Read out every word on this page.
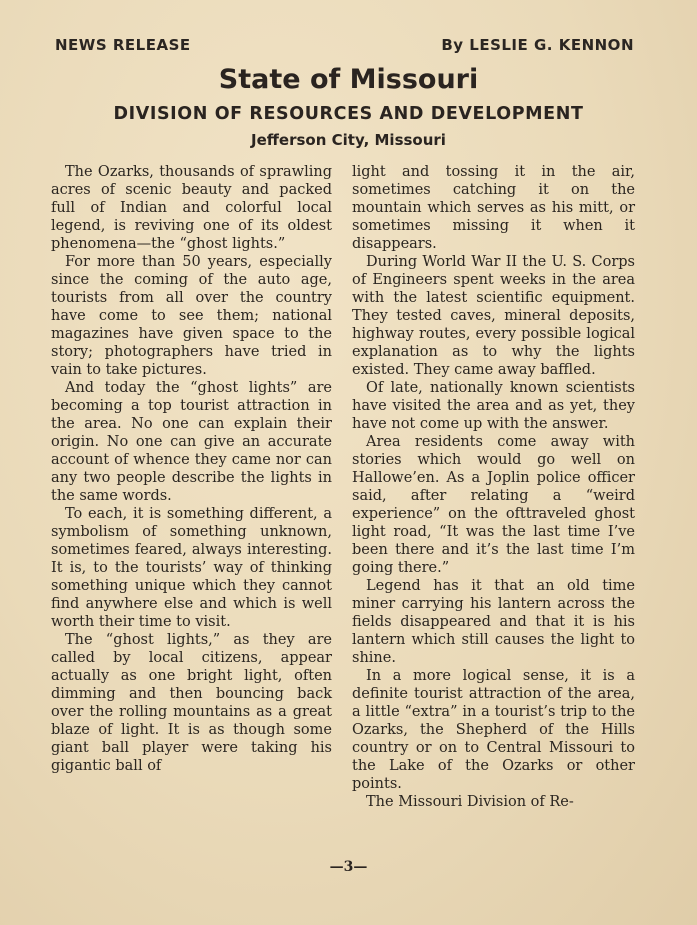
NEWS RELEASE	By LESLIE G. KENNON
State of Missouri
DIVISION OF RESOURCES AND DEVELOPMENT
Jefferson City, Missouri

The Ozarks, thousands of sprawling acres of scenic beauty and packed full of Indian and colorful local legend, is reviving one of its oldest phenomena—the “ghost lights.”

For more than 50 years, especially since the coming of the auto age, tourists from all over the country have come to see them; national magazines have given space to the story; photographers have tried in vain to take pictures.

And today the “ghost lights” are becoming a top tourist attraction in the area. No one can explain their origin. No one can give an accurate account of whence they came nor can any two people describe the lights in the same words.

To each, it is something different, a symbolism of something unknown, sometimes feared, always interesting. It is, to the tourists’ way of thinking something unique which they cannot find anywhere else and which is well worth their time to visit.

The “ghost lights,” as they are called by local citizens, appear actually as one bright light, often dimming and then bouncing back over the rolling mountains as a great blaze of light. It is as though some giant ball player were taking his gigantic ball of

light and tossing it in the air, sometimes catching it on the mountain which serves as his mitt, or sometimes missing it when it disappears.

During World War II the U. S. Corps of Engineers spent weeks in the area with the latest scientific equipment. They tested caves, mineral deposits, highway routes, every possible logical explanation as to why the lights existed. They came away baffled.

Of late, nationally known scientists have visited the area and as yet, they have not come up with the answer.

Area residents come away with stories which would go well on Hallowe’en. As a Joplin police officer said, after relating a “weird experience” on the ofttraveled ghost light road, “It was the last time I’ve been there and it’s the last time I’m going there.”

Legend has it that an old time miner carrying his lantern across the fields disappeared and that it is his lantern which still causes the light to shine.

In a more logical sense, it is a definite tourist attraction of the area, a little “extra” in a tourist’s trip to the Ozarks, the Shepherd of the Hills country or on to Central Missouri to the Lake of the Ozarks or other points.

The Missouri Division of Re-

—3—
